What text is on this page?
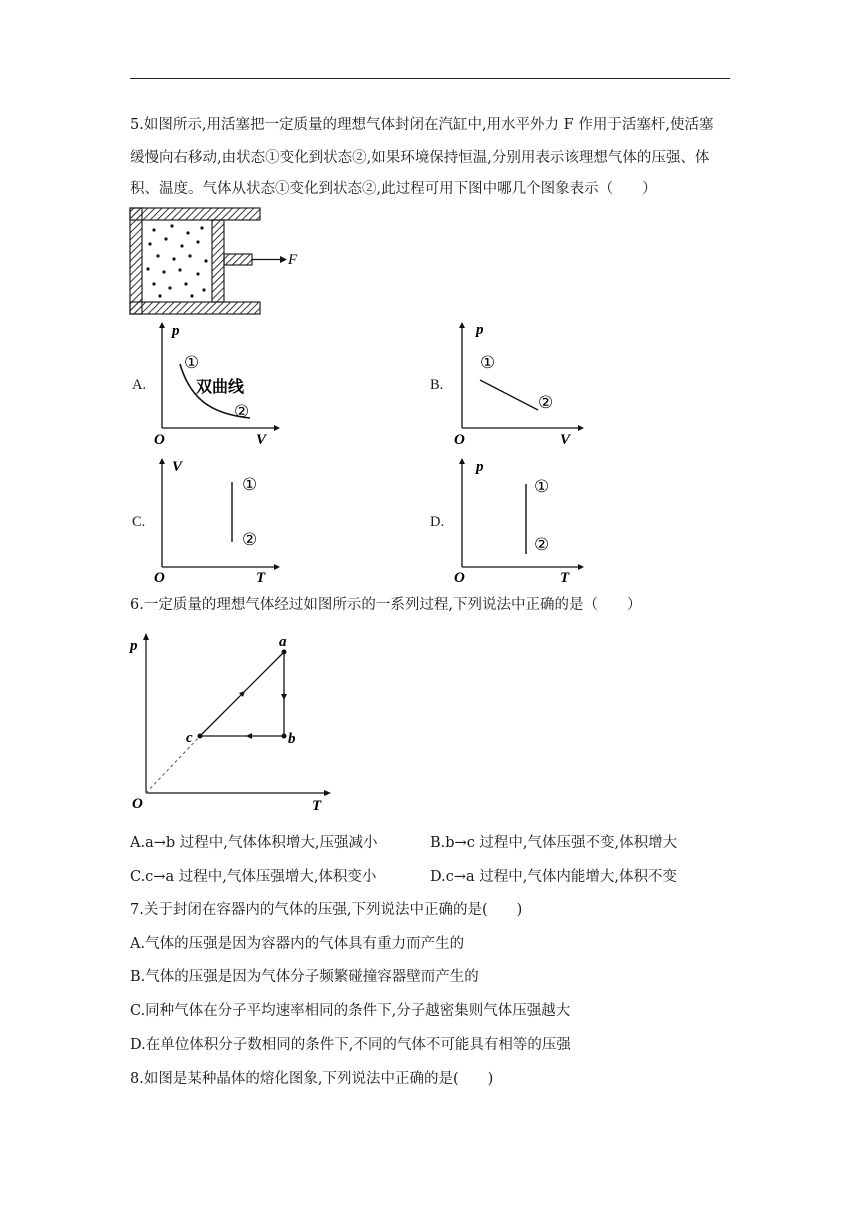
5.如图所示,用活塞把一定质量的理想气体封闭在汽缸中,用水平外力 F 作用于活塞杆,使活塞
缓慢向右移动,由状态①变化到状态②,如果环境保持恒温,分别用表示该理想气体的压强、体
积、温度。气体从状态①变化到状态②,此过程可用下图中哪几个图象表示（　　）
F
A.
p
V
O
①
②
双曲线	B.
p
V
O
①
②
C.
V
T
O
①
②
D.
p
T
O
①
②
6.一定质量的理想气体经过如图所示的一系列过程,下列说法中正确的是（　　）
p
T
O
a
b
c
A.a→b 过程中,气体体积增大,压强减小	B.b→c 过程中,气体压强不变,体积增大
C.c→a 过程中,气体压强增大,体积变小	D.c→a 过程中,气体内能增大,体积不变
7.关于封闭在容器内的气体的压强,下列说法中正确的是(　　)
A.气体的压强是因为容器内的气体具有重力而产生的
B.气体的压强是因为气体分子频繁碰撞容器壁而产生的
C.同种气体在分子平均速率相同的条件下,分子越密集则气体压强越大
D.在单位体积分子数相同的条件下,不同的气体不可能具有相等的压强
8.如图是某种晶体的熔化图象,下列说法中正确的是(　　)
